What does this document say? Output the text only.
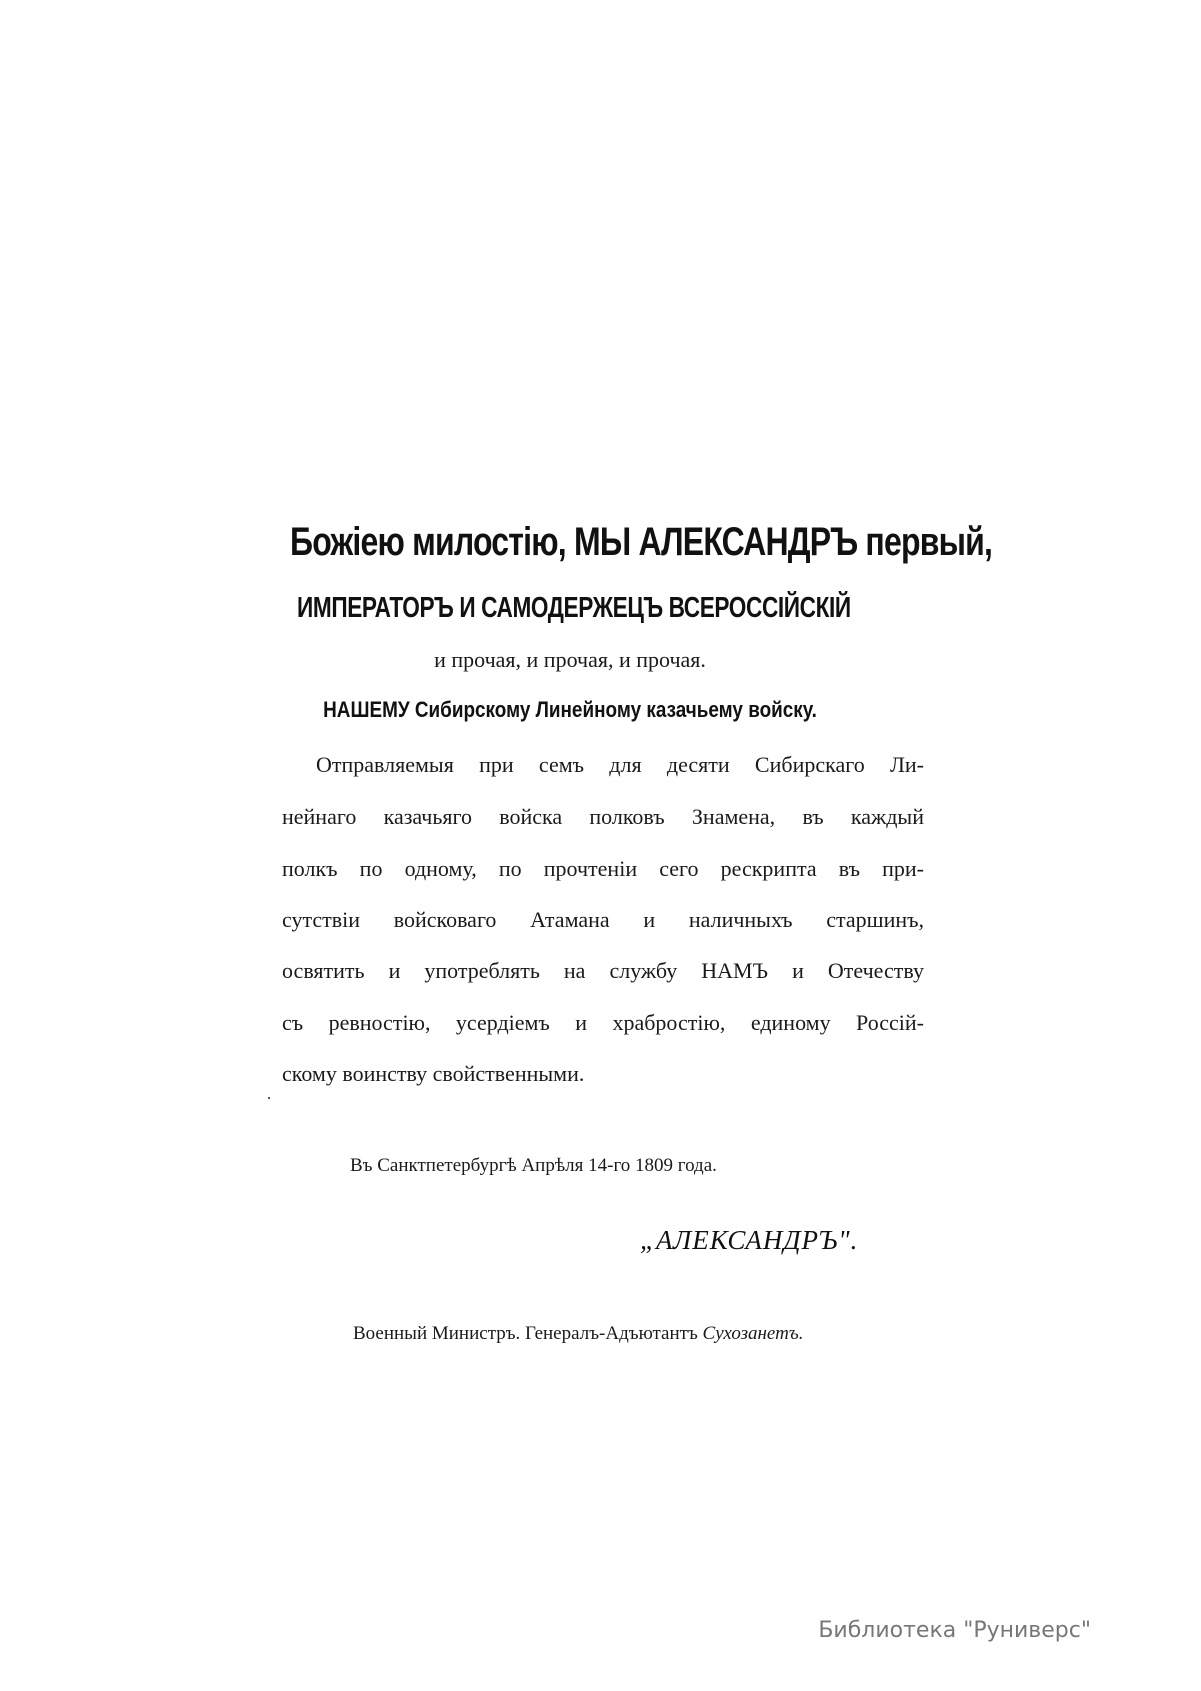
Божіею милостію, МЫ АЛЕКСАНДРЪ первый,
ИМПЕРАТОРЪ И САМОДЕРЖЕЦЪ ВСЕРОССІЙСКІЙ
и прочая, и прочая, и прочая.
НАШЕМУ Сибирскому Линейному казачьему войску.
Отправляемыя при семъ для десяти Сибирскаго Ли-
нейнаго казачьяго войска полковъ Знамена, въ каждый
полкъ по одному, по прочтеніи сего рескрипта въ при-
сутствіи войсковаго Атамана и наличныхъ старшинъ,
освятить и употреблять на службу НАМЪ и Отечеству
съ ревностію, усердіемъ и храбростію, единому Россій-
скому воинству свойственными.
Въ Санктпетербургѣ Апрѣля 14-го 1809 года.
„АЛЕКСАНДРЪ".
Военный Министръ. Генералъ-Адъютантъ Сухозанетъ.
Библиотека "Руниверс"
